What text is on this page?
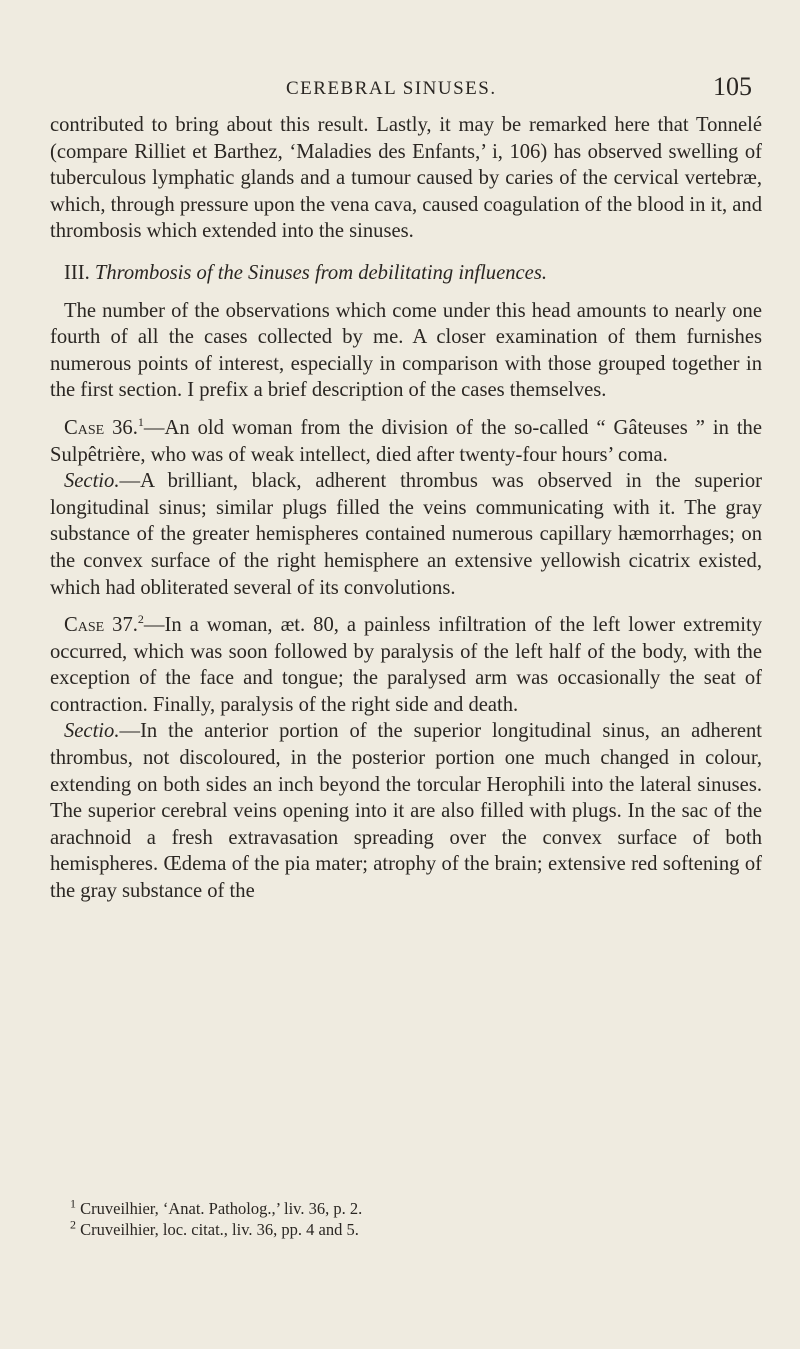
CEREBRAL SINUSES.	105

contributed to bring about this result. Lastly, it may be remarked here that Tonnelé (compare Rilliet et Barthez, ‘Maladies des Enfants,’ i, 106) has observed swelling of tuberculous lymphatic glands and a tumour caused by caries of the cervical vertebræ, which, through pressure upon the vena cava, caused coagulation of the blood in it, and thrombosis which extended into the sinuses.

III. Thrombosis of the Sinuses from debilitating influences.

The number of the observations which come under this head amounts to nearly one fourth of all the cases collected by me. A closer examination of them furnishes numerous points of interest, especially in comparison with those grouped together in the first section. I prefix a brief description of the cases themselves.

Case 36.$^1$—An old woman from the division of the so-called “ Gâteuses ” in the Sulpêtrière, who was of weak intellect, died after twenty-four hours’ coma.

Sectio.—A brilliant, black, adherent thrombus was observed in the superior longitudinal sinus; similar plugs filled the veins communicating with it. The gray substance of the greater hemispheres contained numerous capillary hæmorrhages; on the convex surface of the right hemisphere an extensive yellowish cicatrix existed, which had obliterated several of its convolutions.

Case 37.$^2$—In a woman, æt. 80, a painless infiltration of the left lower extremity occurred, which was soon followed by paralysis of the left half of the body, with the exception of the face and tongue; the paralysed arm was occasionally the seat of contraction. Finally, paralysis of the right side and death.

Sectio.—In the anterior portion of the superior longitudinal sinus, an adherent thrombus, not discoloured, in the posterior portion one much changed in colour, extending on both sides an inch beyond the torcular Herophili into the lateral sinuses. The superior cerebral veins opening into it are also filled with plugs. In the sac of the arachnoid a fresh extravasation spreading over the convex surface of both hemispheres. Œdema of the pia mater; atrophy of the brain; extensive red softening of the gray substance of the

$^1$ Cruveilhier, ‘Anat. Patholog.,’ liv. 36, p. 2.
$^2$ Cruveilhier, loc. citat., liv. 36, pp. 4 and 5.
